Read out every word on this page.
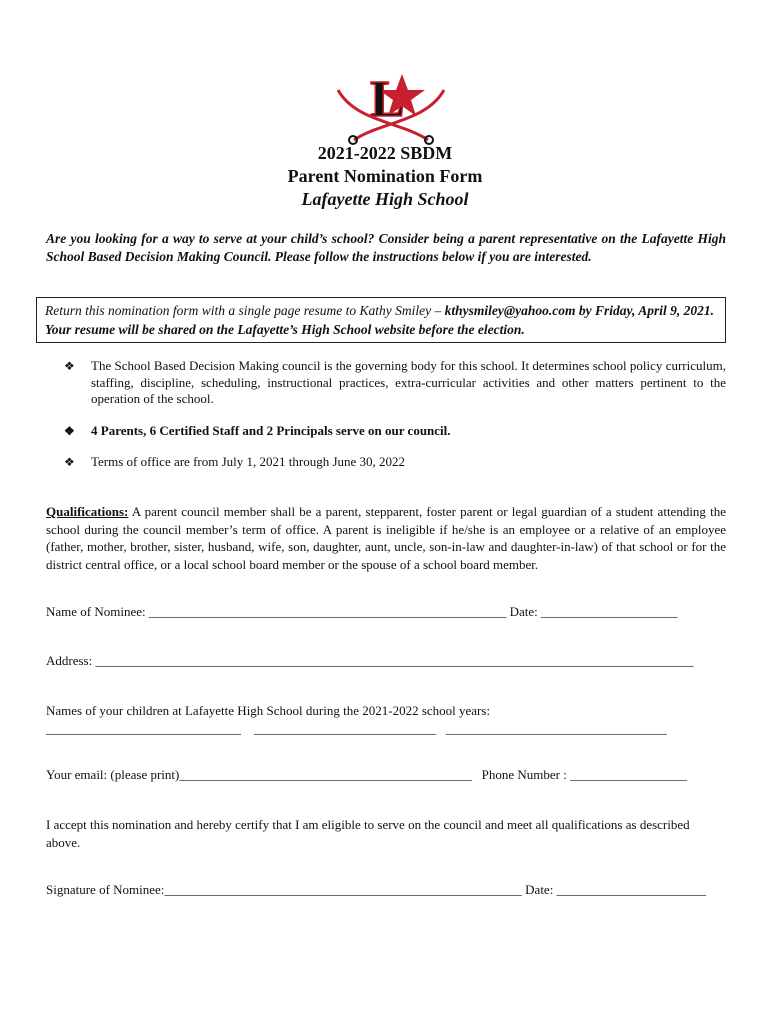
L
2021-2022 SBDM
Parent Nomination Form
Lafayette High School
Are you looking for a way to serve at your child’s school? Consider being a parent representative on the Lafayette High School Based Decision Making Council. Please follow the instructions below if you are interested.
Return this nomination form with a single page resume to Kathy Smiley – kthysmiley@yahoo.com by Friday, April 9, 2021. Your resume will be shared on the Lafayette’s High School website before the election.
❖ The School Based Decision Making council is the governing body for this school. It determines school policy curriculum, staffing, discipline, scheduling, instructional practices, extra-curricular activities and other matters pertinent to the operation of the school.
❖ 4 Parents, 6 Certified Staff and 2 Principals serve on our council.
❖ Terms of office are from July 1, 2021 through June 30, 2022
Qualifications: A parent council member shall be a parent, stepparent, foster parent or legal guardian of a student attending the school during the council member’s term of office. A parent is ineligible if he/she is an employee or a relative of an employee (father, mother, brother, sister, husband, wife, son, daughter, aunt, uncle, son-in-law and daughter-in-law) of that school or for the district central office, or a local school board member or the spouse of a school board member.
Name of Nominee: _______________________________________________________ Date: _____________________
Address: ____________________________________________________________________________________________
Names of your children at Lafayette High School during the 2021-2022 school years:
______________________________    ____________________________   __________________________________
Your email: (please print)_____________________________________________   Phone Number : __________________
I accept this nomination and hereby certify that I am eligible to serve on the council and meet all qualifications as described above.
Signature of Nominee:_______________________________________________________ Date: _______________________
